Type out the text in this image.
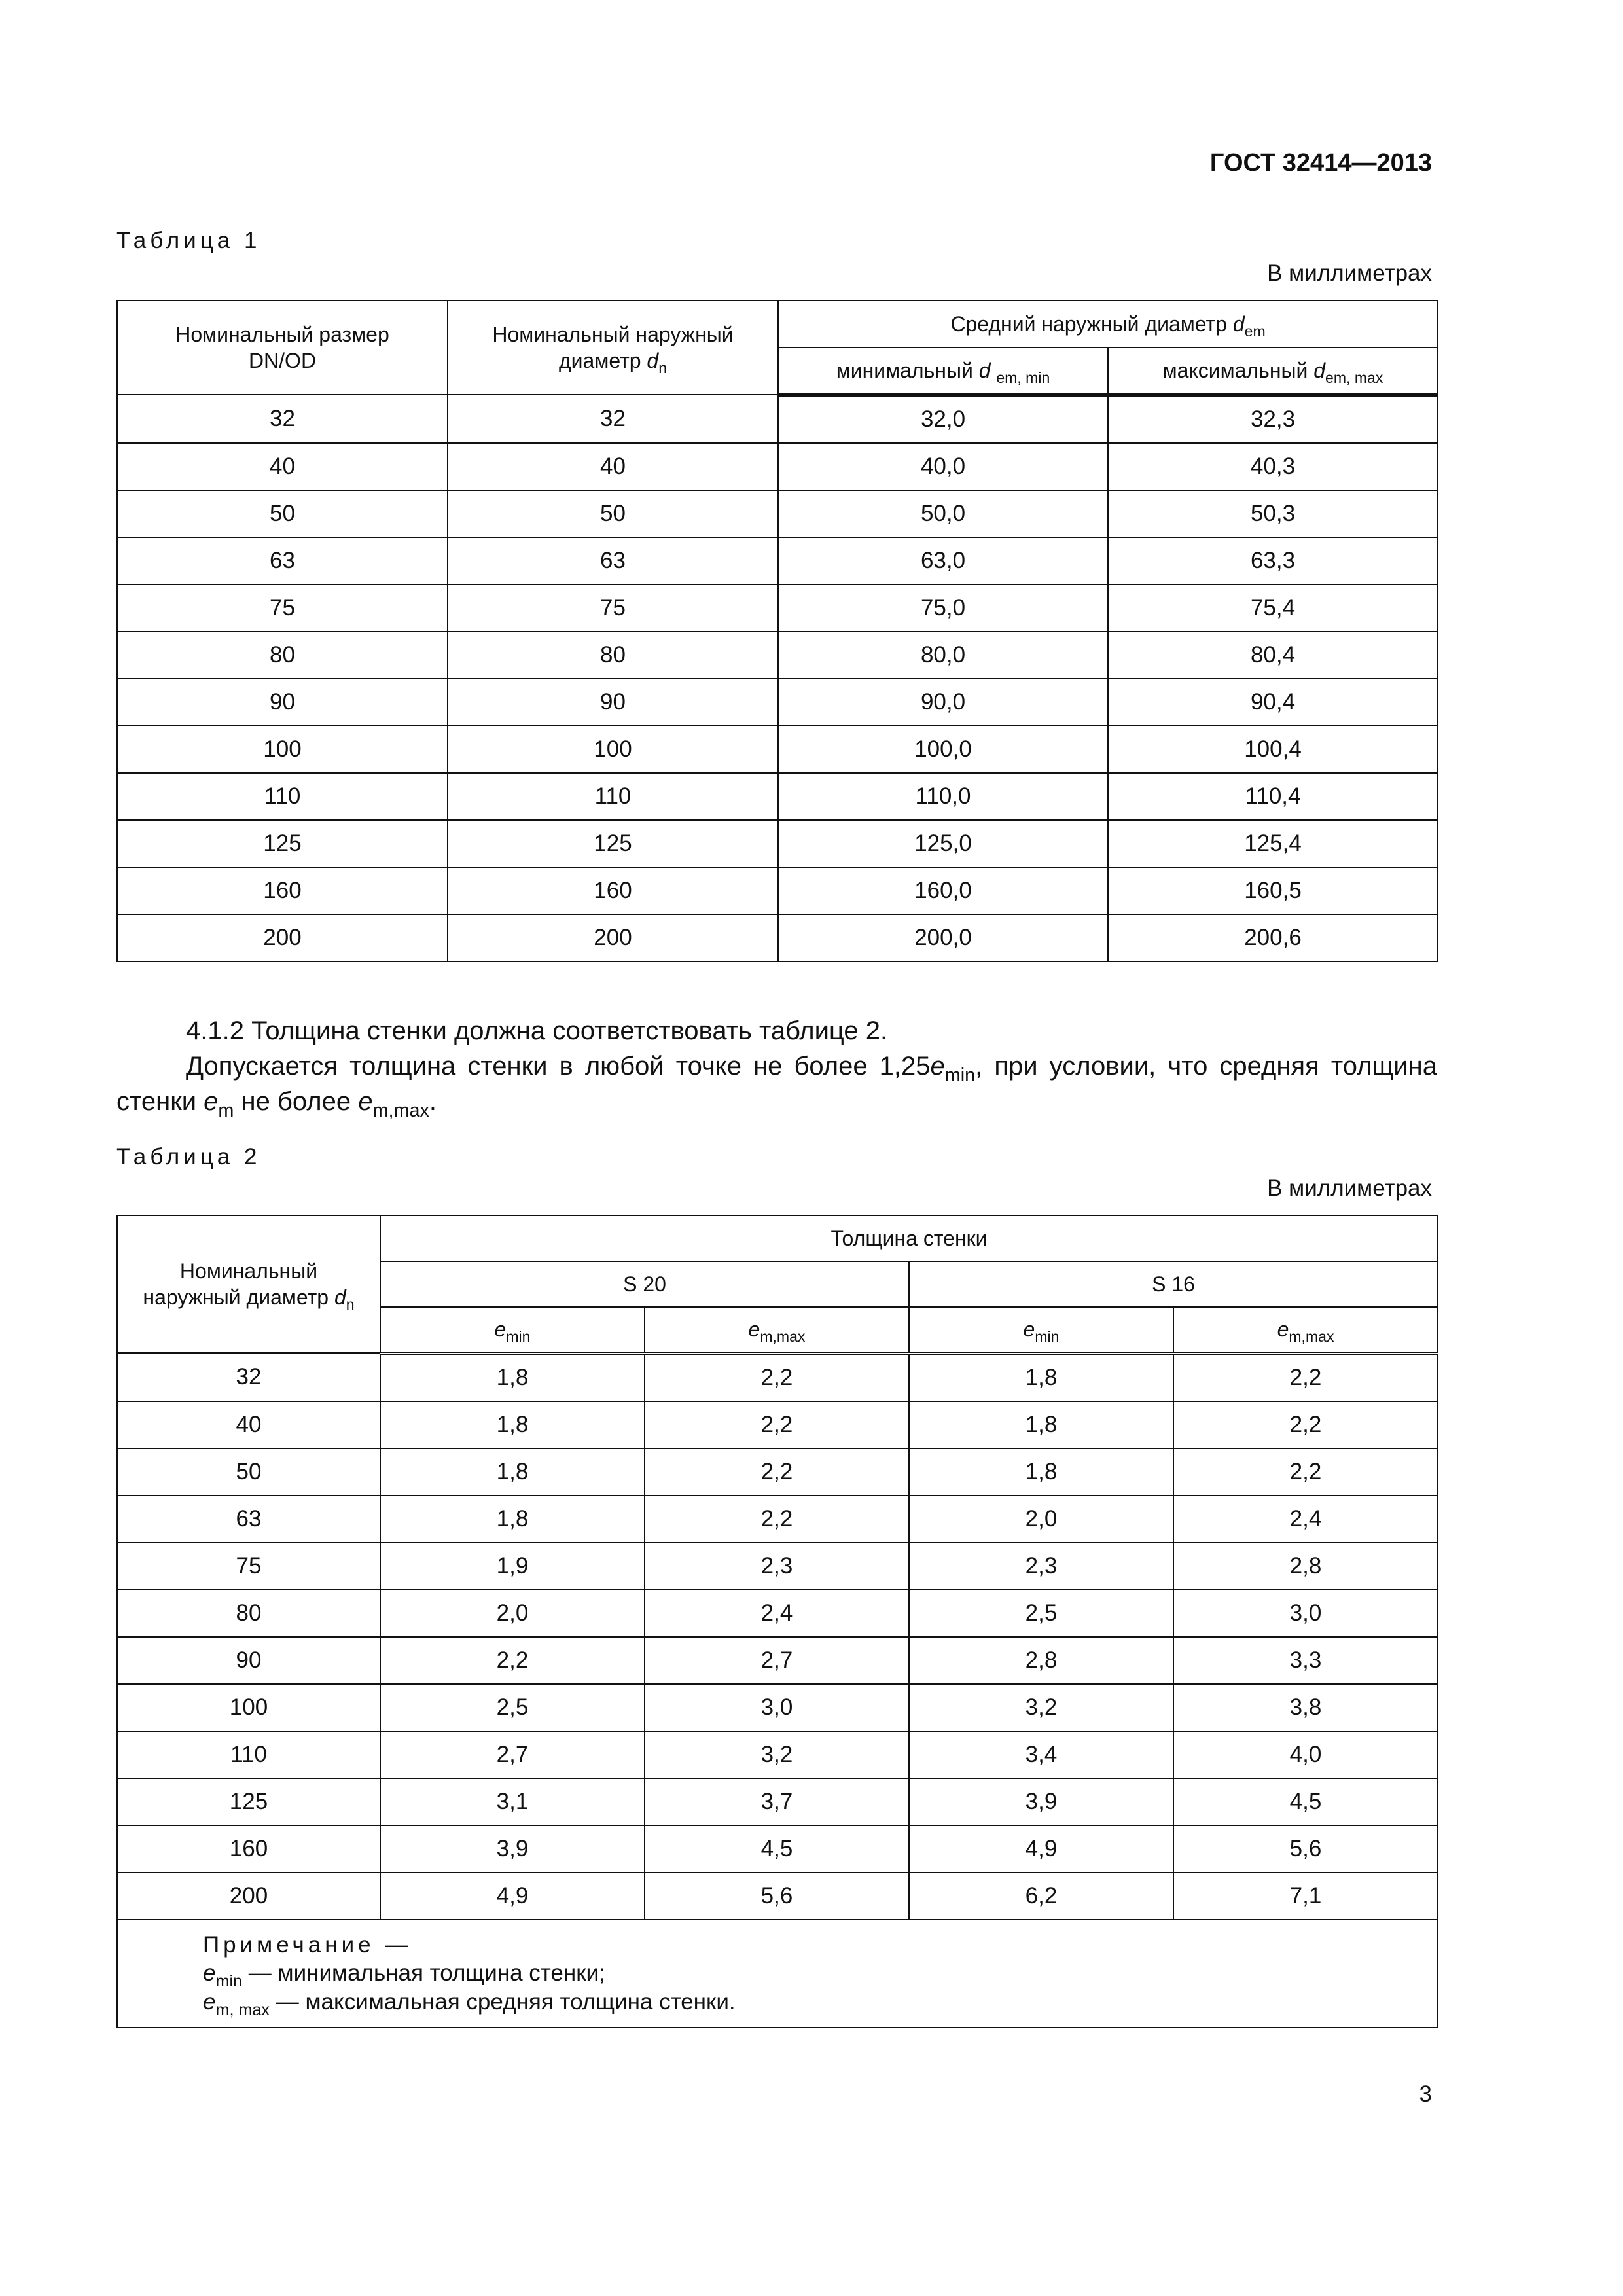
ГОСТ 32414—2013
Таблица 1
В миллиметрах
Номинальный размер DN/OD	Номинальный наружный диаметр $d_n$	Средний наружный диаметр $d_{em}$
		минимальный d $_{em, min}$	максимальный $d_{em, max}$
32	32	32,0	32,3
40	40	40,0	40,3
50	50	50,0	50,3
63	63	63,0	63,3
75	75	75,0	75,4
80	80	80,0	80,4
90	90	90,0	90,4
100	100	100,0	100,4
110	110	110,0	110,4
125	125	125,0	125,4
160	160	160,0	160,5
200	200	200,0	200,6

4.1.2 Толщина стенки должна соответствовать таблице 2.

Допускается толщина стенки в любой точке не более $1,25e_{min}$, при условии, что средняя толщина стенки $e_m$ не более $e_{m,max}$.

Таблица 2
В миллиметрах
Номинальный наружный диаметр $d_n$	Толщина стенки			
	S 20		S 16	
	$e_{min}$	$e_{m,max}$	$e_{min}$	$e_{m,max}$
32	1,8	2,2	1,8	2,2
40	1,8	2,2	1,8	2,2
50	1,8	2,2	1,8	2,2
63	1,8	2,2	2,0	2,4
75	1,9	2,3	2,3	2,8
80	2,0	2,4	2,5	3,0
90	2,2	2,7	2,8	3,3
100	2,5	3,0	3,2	3,8
110	2,7	3,2	3,4	4,0
125	3,1	3,7	3,9	4,5
160	3,9	4,5	4,9	5,6
200	4,9	5,6	6,2	7,1

Примечание —
$e_{min}$ — минимальная толщина стенки;
$e_{m, max}$ — максимальная средняя толщина стенки.				
3
